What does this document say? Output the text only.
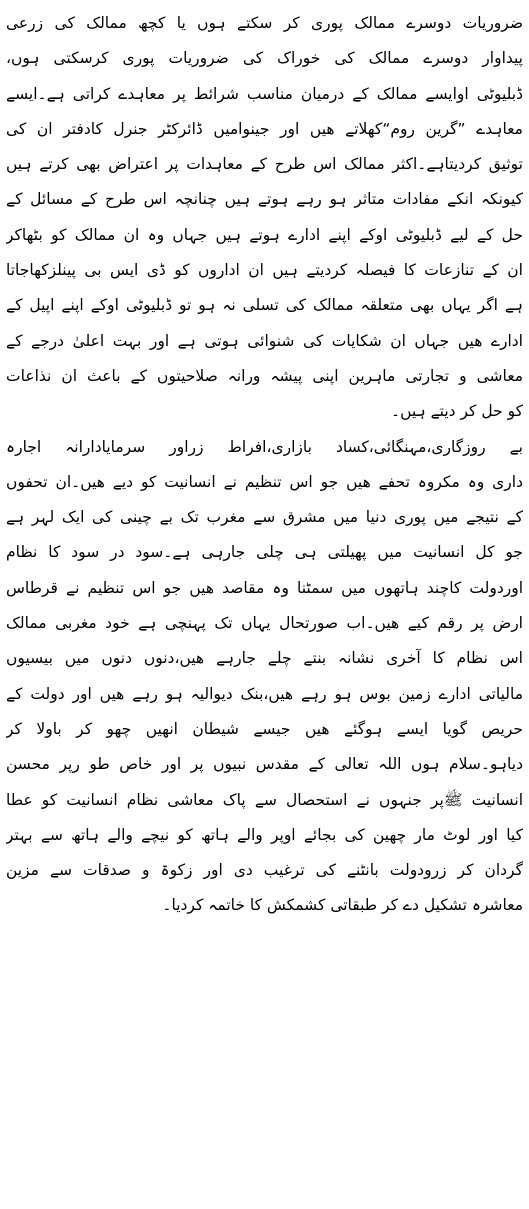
ضروریات دوسرے ممالک پوری کر سکتے ہوں یا کچھ ممالک کی زرعی
پیداوار دوسرے ممالک کی خوراک کی ضروریات پوری کرسکتی ہوں،
ڈبلیوٹی اوایسے ممالک کے درمیان مناسب شرائط پر معاہدے کراتی ہے۔ایسے
معاہدے ”گرین روم“کھلاتے ھیں اور جینوامیں ڈائرکٹر جنرل کادفتر ان کی
توثیق کردیتاہے۔اکثر ممالک اس طرح کے معاہدات پر اعتراض بھی کرتے ہیں
کیونکہ انکے مفادات متاثر ہو رہے ہوتے ہیں چنانچہ اس طرح کے مسائل کے
حل کے لیے ڈبلیوٹی اوکے اپنے ادارے ہوتے ہیں جہاں وہ ان ممالک کو بٹھاکر
ان کے تنازعات کا فیصلہ کردیتے ہیں ان اداروں کو ڈی ایس بی پینلزکھاجاتا
ہے اگر یہاں بھی متعلقہ ممالک کی تسلی نہ ہو تو ڈبلیوٹی اوکے اپنے اپیل کے
ادارے ھیں جہاں ان شکایات کی شنوائی ہوتی ہے اور بہت اعلیٰ درجے کے
معاشی و تجارتی ماہرین اپنی پیشہ ورانہ صلاحیتوں کے باعث ان نذاعات
کو حل کر دیتے ہیں۔
بے روزگاری،مہنگائی،کساد بازاری،افراط زراور سرمایادارانہ اجارہ
داری وہ مکروہ تحفے ھیں جو اس تنظیم نے انسانیت کو دیے ھیں۔ان تحفوں
کے نتیجے میں پوری دنیا میں مشرق سے مغرب تک بے چینی کی ایک لہر ہے
جو کل انسانیت میں پھیلتی ہی چلی جارہی ہے۔سود در سود کا نظام
اوردولت کاچند ہاتھوں میں سمٹنا وہ مقاصد ھیں جو اس تنظیم نے قرطاس
ارض پر رقم کیے ھیں۔اب صورتحال یہاں تک پہنچی ہے خود مغربی ممالک
اس نظام کا آخری نشانہ بنتے چلے جارہے ھیں،دنوں دنوں میں بیسیوں
مالیاتی ادارے زمین بوس ہو رہے ھیں،بنک دیوالیہ ہو رہے ھیں اور دولت کے
حریص گویا ایسے ہوگئے ھیں جیسے شیطان انھیں چھو کر باولا کر
دیاہو۔سلام ہوں اللہ تعالی کے مقدس نبیوں پر اور خاص طو رپر محسن
انسانیت ﷺپر جنہوں نے استحصال سے پاک معاشی نظام انسانیت کو عطا
کیا اور لوٹ مار چھین کی بجائے اوپر والے ہاتھ کو نیچے والے ہاتھ سے بہتر
گردان کر زرودولت بانٹنے کی ترغیب دی اور زکوۃ و صدقات سے مزین
معاشرہ تشکیل دے کر طبقاتی کشمکش کا خاتمہ کردیا۔
